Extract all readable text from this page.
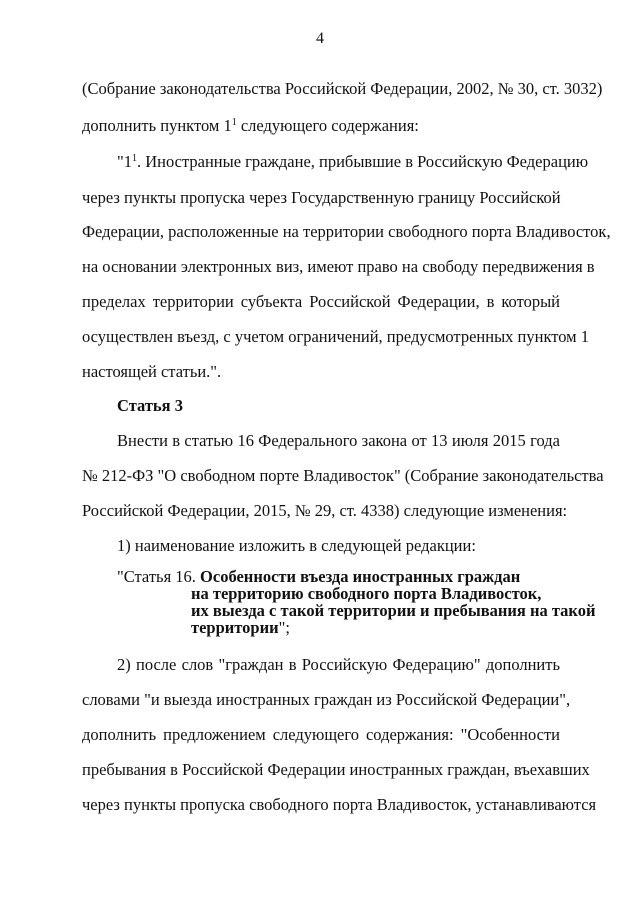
4
(Собрание законодательства Российской Федерации, 2002, № 30, ст. 3032)
дополнить пунктом $1^1$ следующего содержания:
"$1^1$. Иностранные граждане, прибывшие в Российскую Федерацию
через пункты пропуска через Государственную границу Российской
Федерации, расположенные на территории свободного порта Владивосток,
на основании электронных виз, имеют право на свободу передвижения в
пределах территории субъекта Российской Федерации, в который
осуществлен въезд, с учетом ограничений, предусмотренных пунктом 1
настоящей статьи.".
Статья 3
Внести в статью 16 Федерального закона от 13 июля 2015 года
№ 212-ФЗ "О свободном порте Владивосток" (Собрание законодательства
Российской Федерации, 2015, № 29, ст. 4338) следующие изменения:
1) наименование изложить в следующей редакции:
"Статья 16. Особенности въезда иностранных граждан
на территорию свободного порта Владивосток,
их выезда с такой территории и пребывания на такой
территории";
2) после слов "граждан в Российскую Федерацию" дополнить
словами "и выезда иностранных граждан из Российской Федерации",
дополнить предложением следующего содержания: "Особенности
пребывания в Российской Федерации иностранных граждан, въехавших
через пункты пропуска свободного порта Владивосток, устанавливаются
